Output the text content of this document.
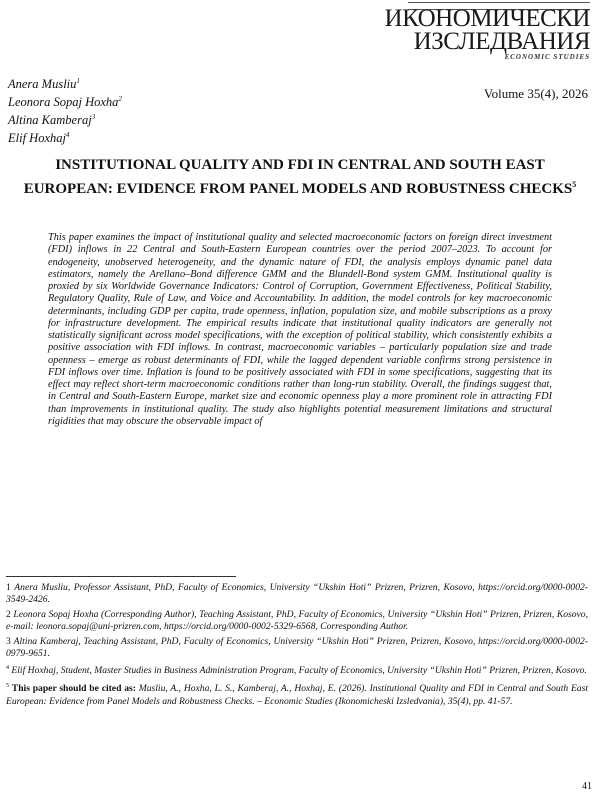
ИКОНОМИЧЕСКИ
ИЗСЛЕДВАНИЯ
ECONOMIC STUDIES
Anera Musliu$^1$
Leonora Sopaj Hoxha$^2$
Altina Kamberaj$^3$
Elif Hoxhaj$^4$
Volume 35(4), 2026
INSTITUTIONAL QUALITY AND FDI IN CENTRAL AND SOUTH EAST EUROPEAN: EVIDENCE FROM PANEL MODELS AND ROBUSTNESS CHECKS$^5$
This paper examines the impact of institutional quality and selected macroeconomic factors on foreign direct investment (FDI) inflows in 22 Central and South-Eastern European countries over the period 2007–2023. To account for endogeneity, unobserved heterogeneity, and the dynamic nature of FDI, the analysis employs dynamic panel data estimators, namely the Arellano–Bond difference GMM and the Blundell-Bond system GMM. Institutional quality is proxied by six Worldwide Governance Indicators: Control of Corruption, Government Effectiveness, Political Stability, Regulatory Quality, Rule of Law, and Voice and Accountability. In addition, the model controls for key macroeconomic determinants, including GDP per capita, trade openness, inflation, population size, and mobile subscriptions as a proxy for infrastructure development. The empirical results indicate that institutional quality indicators are generally not statistically significant across model specifications, with the exception of political stability, which consistently exhibits a positive association with FDI inflows. In contrast, macroeconomic variables – particularly population size and trade openness – emerge as robust determinants of FDI, while the lagged dependent variable confirms strong persistence in FDI inflows over time. Inflation is found to be positively associated with FDI in some specifications, suggesting that its effect may reflect short-term macroeconomic conditions rather than long-run stability. Overall, the findings suggest that, in Central and South-Eastern Europe, market size and economic openness play a more prominent role in attracting FDI than improvements in institutional quality. The study also highlights potential measurement limitations and structural rigidities that may obscure the observable impact of

1 Anera Musliu, Professor Assistant, PhD, Faculty of Economics, University “Ukshin Hoti” Prizren, Prizren, Kosovo, https://orcid.org/0000-0002-3549-2426.

2 Leonora Sopaj Hoxha (Corresponding Author), Teaching Assistant, PhD, Faculty of Economics, University “Ukshin Hoti” Prizren, Prizren, Kosovo, e-mail: leonora.sopaj@uni-prizren.com, https://orcid.org/0000-0002-5329-6568, Corresponding Author.

3 Altina Kamberaj, Teaching Assistant, PhD, Faculty of Economics, University “Ukshin Hoti” Prizren, Prizren, Kosovo, https://orcid.org/0000-0002-0979-9651.

$^4$ Elif Hoxhaj, Student, Master Studies in Business Administration Program, Faculty of Economics, University “Ukshin Hoti” Prizren, Prizren, Kosovo.

$^5$ This paper should be cited as: Musliu, A., Hoxha, L. S., Kamberaj, A., Hoxhaj, E. (2026). Institutional Quality and FDI in Central and South East European: Evidence from Panel Models and Robustness Checks. – Economic Studies (Ikonomicheski Izsledvania), 35(4), pp. 41-57.

41
